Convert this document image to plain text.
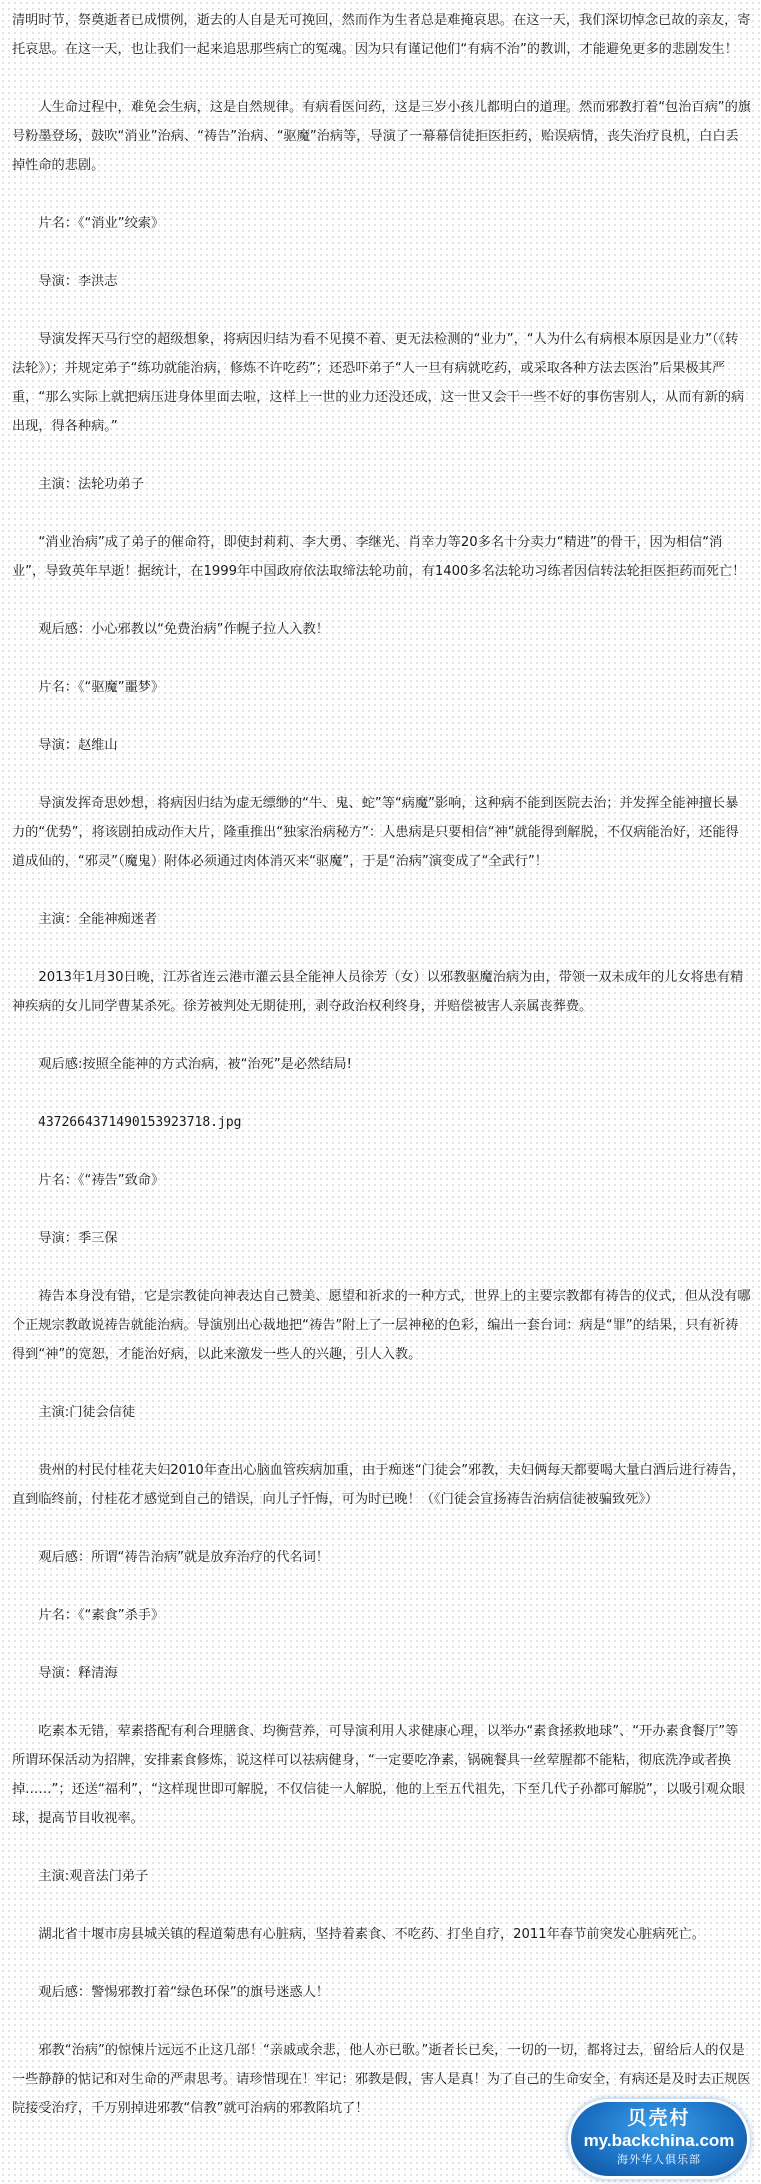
清明时节，祭奠逝者已成惯例，逝去的人自是无可挽回，然而作为生者总是难掩哀思。在这一天，我们深切悼念已故的亲友，寄托哀思。在这一天，也让我们一起来追思那些病亡的冤魂。因为只有谨记他们“有病不治”的教训，才能避免更多的悲剧发生！

人生命过程中，难免会生病，这是自然规律。有病看医问药，这是三岁小孩儿都明白的道理。然而邪教打着“包治百病”的旗号粉墨登场，鼓吹“消业”治病、“祷告”治病、“驱魔”治病等，导演了一幕幕信徒拒医拒药，贻误病情，丧失治疗良机，白白丢掉性命的悲剧。

片名：《“消业”绞索》

导演：李洪志

导演发挥天马行空的超级想象，将病因归结为看不见摸不着、更无法检测的“业力”，“人为什么有病根本原因是业力”（《转法轮》）；并规定弟子“练功就能治病，修炼不许吃药”；还恐吓弟子“人一旦有病就吃药，或采取各种方法去医治”后果极其严重，“那么实际上就把病压进身体里面去啦，这样上一世的业力还没还成，这一世又会干一些不好的事伤害别人，从而有新的病出现，得各种病。”

主演：法轮功弟子

“消业治病”成了弟子的催命符，即使封莉莉、李大勇、李继光、肖幸力等20多名十分卖力“精进”的骨干，因为相信“消业”，导致英年早逝！据统计，在1999年中国政府依法取缔法轮功前，有1400多名法轮功习练者因信转法轮拒医拒药而死亡！

观后感：小心邪教以“免费治病”作幌子拉人入教！

片名：《“驱魔”噩梦》

导演：赵维山

导演发挥奇思妙想，将病因归结为虚无缥缈的“牛、鬼、蛇”等“病魔”影响，这种病不能到医院去治；并发挥全能神擅长暴力的“优势”，将该剧拍成动作大片，隆重推出“独家治病秘方”：人患病是只要相信“神”就能得到解脱，不仅病能治好，还能得道成仙的，“邪灵”（魔鬼）附体必须通过肉体消灭来“驱魔”，于是“治病”演变成了“全武行”！

主演：全能神痴迷者

2013年1月30日晚，江苏省连云港市灌云县全能神人员徐芳（女）以邪教驱魔治病为由，带领一双未成年的儿女将患有精神疾病的女儿同学曹某杀死。徐芳被判处无期徒刑，剥夺政治权利终身，并赔偿被害人亲属丧葬费。

观后感:按照全能神的方式治病，被“治死”是必然结局!

437266437149015392​3718.jpg

片名：《“祷告”致命》

导演：季三保

祷告本身没有错，它是宗教徒向神表达自己赞美、愿望和祈求的一种方式，世界上的主要宗教都有祷告的仪式，但从没有哪个正规宗教敢说祷告就能治病。导演别出心裁地把“祷告”附上了一层神秘的色彩，编出一套台词：病是“罪”的结果，只有祈祷得到“神”的宽恕，才能治好病，以此来激发一些人的兴趣，引人入教。

主演:门徒会信徒

贵州的村民付桂花夫妇2010年查出心脑血管疾病加重，由于痴迷“门徒会”邪教，夫妇俩每天都要喝大量白酒后进行祷告，直到临终前，付桂花才感觉到自己的错误，向儿子忏悔，可为时已晚！（《门徒会宣扬祷告治病信徒被骗致死》）

观后感：所谓“祷告治病”就是放弃治疗的代名词！

片名：《“素食”杀手》

导演：释清海

吃素本无错，荤素搭配有利合理膳食、均衡营养，可导演利用人求健康心理，以举办“素食拯救地球”、“开办素食餐厅”等所谓环保活动为招牌，安排素食修炼，说这样可以祛病健身，“一定要吃净素，锅碗餐具一丝荤腥都不能粘，彻底洗净或者换掉……”；还送“福利”，“这样现世即可解脱，不仅信徒一人解脱，他的上至五代祖先，下至几代子孙都可解脱”，以吸引观众眼球，提高节目收视率。

主演:观音法门弟子

湖北省十堰市房县城关镇的程道菊患有心脏病，坚持着素食、不吃药、打坐自疗，2011年春节前突发心脏病死亡。

观后感：警惕邪教打着“绿色环保”的旗号迷惑人！

邪教“治病”的惊悚片远远不止这几部！“亲戚或余悲，他人亦已歌。”逝者长已矣，一切的一切，都将过去，留给后人的仅是一些静静的惦记和对生命的严肃思考。请珍惜现在！牢记：邪教是假，害人是真！为了自己的生命安全，有病还是及时去正规医院接受治疗，千万别掉进邪教“信教”就可治病的邪教陷坑了！	贝壳村
my.backchina.com
海外华人俱乐部
